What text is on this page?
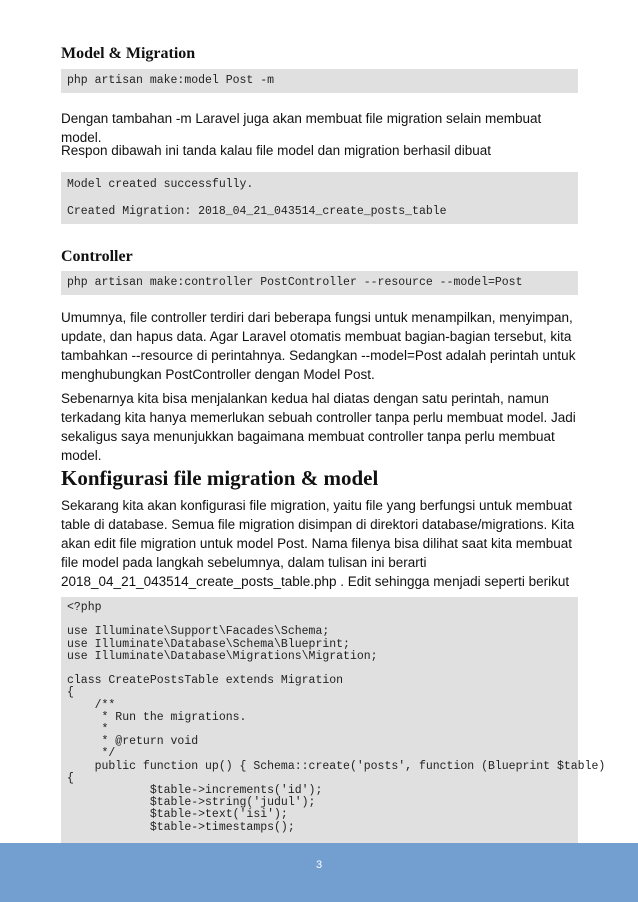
Model & Migration
php artisan make:model Post -m

Dengan tambahan -m Laravel juga akan membuat file migration selain membuat model.

Respon dibawah ini tanda kalau file model dan migration berhasil dibuat

Model created successfully.
Created Migration: 2018_04_21_043514_create_posts_table
Controller
php artisan make:controller PostController --resource --model=Post

Umumnya, file controller terdiri dari beberapa fungsi untuk menampilkan, menyimpan, update, dan hapus data. Agar Laravel otomatis membuat bagian-bagian tersebut, kita tambahkan --resource di perintahnya. Sedangkan --model=Post adalah perintah untuk menghubungkan PostController dengan Model Post.

Sebenarnya kita bisa menjalankan kedua hal diatas dengan satu perintah, namun terkadang kita hanya memerlukan sebuah controller tanpa perlu membuat model. Jadi sekaligus saya menunjukkan bagaimana membuat controller tanpa perlu membuat model.

Konfigurasi file migration & model

Sekarang kita akan konfigurasi file migration, yaitu file yang berfungsi untuk membuat table di database. Semua file migration disimpan di direktori database/migrations. Kita akan edit file migration untuk model Post. Nama filenya bisa dilihat saat kita membuat file model pada langkah sebelumnya, dalam tulisan ini berarti 2018_04_21_043514_create_posts_table.php . Edit sehingga menjadi seperti berikut

<?php

use Illuminate\Support\Facades\Schema;
use Illuminate\Database\Schema\Blueprint;
use Illuminate\Database\Migrations\Migration;

class CreatePostsTable extends Migration
{
/**
* Run the migrations.
*
* @return void
*/
public function up() { Schema::create('posts', function (Blueprint $table)
{
$table->increments('id');
$table->string('judul');
$table->text('isi');
$table->timestamps();
3
